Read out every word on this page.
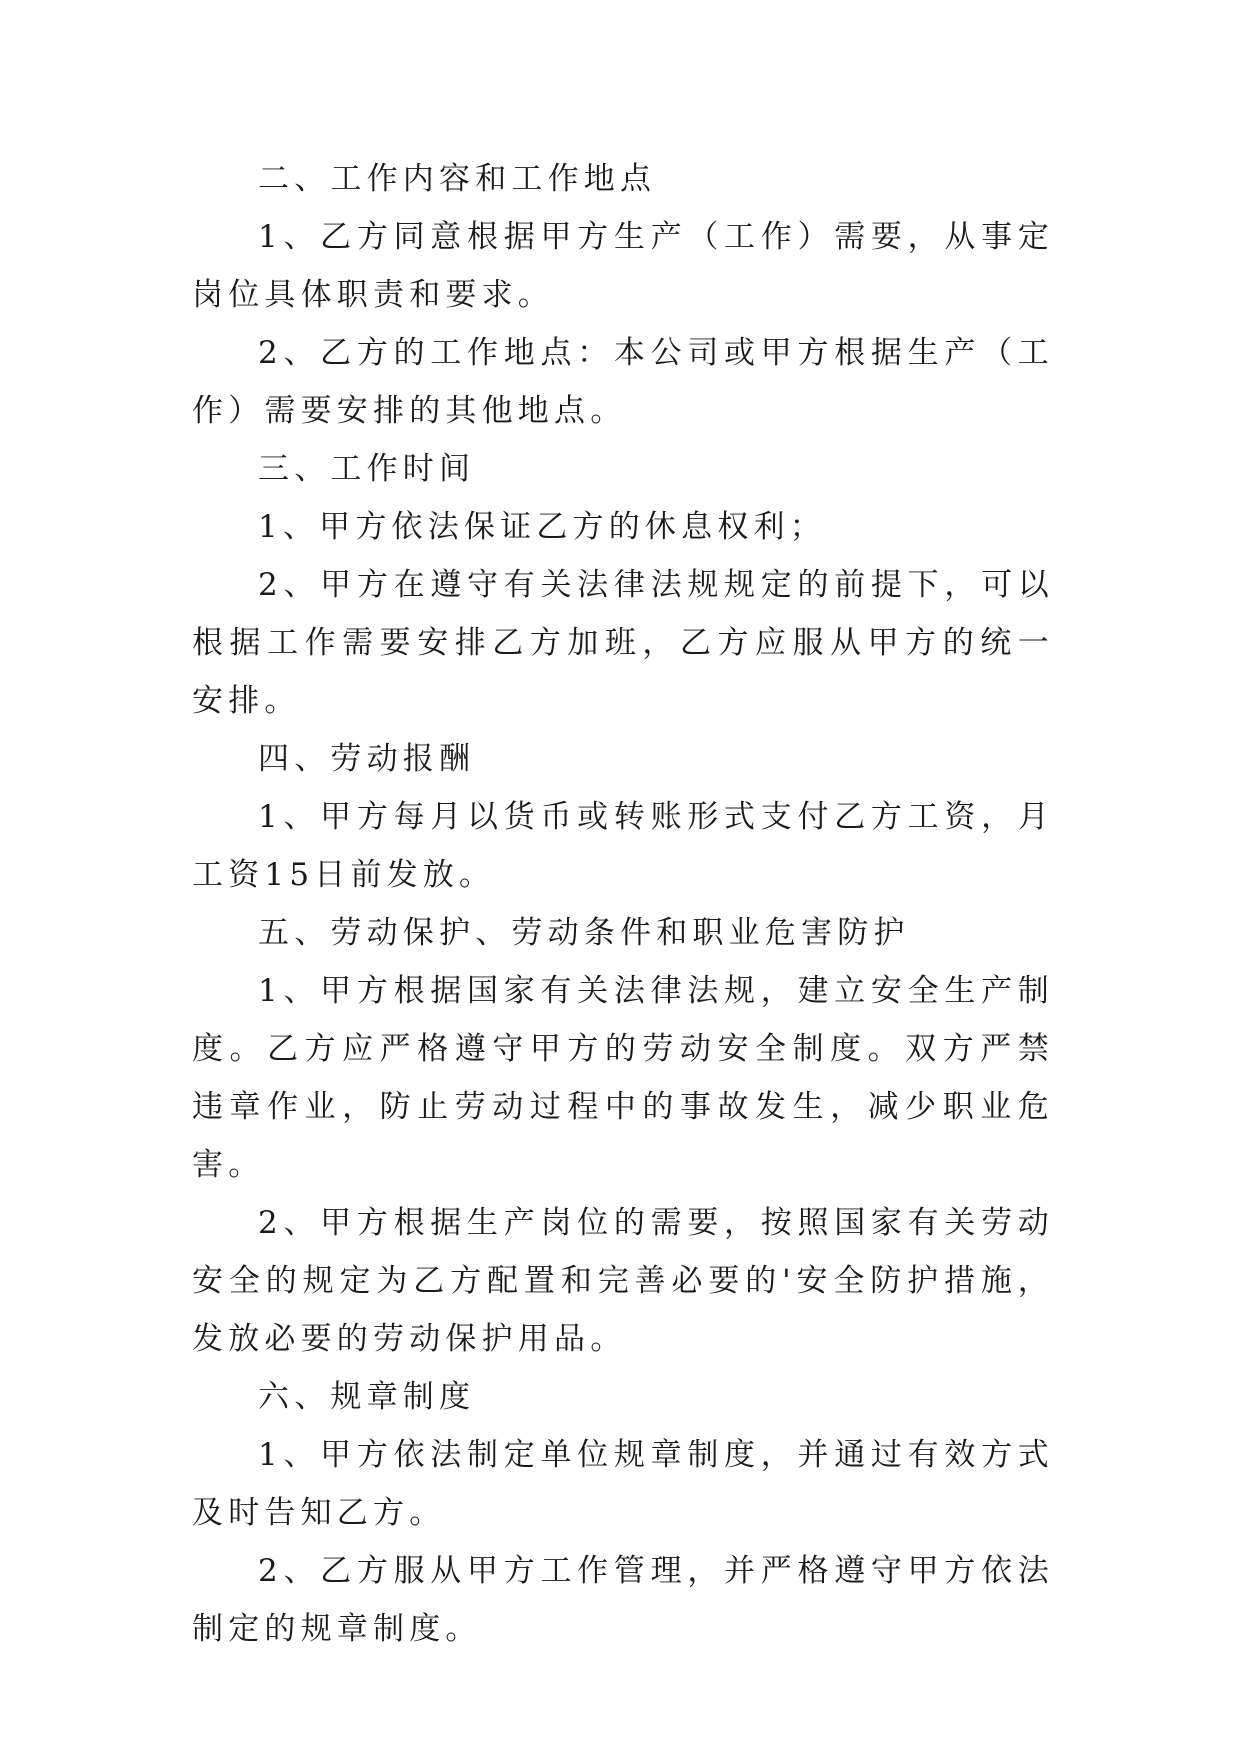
二、工作内容和工作地点

1、乙方同意根据甲方生产（工作）需要，从事定岗位具体职责和要求。

2、乙方的工作地点：本公司或甲方根据生产（工作）需要安排的其他地点。

三、工作时间

1、甲方依法保证乙方的休息权利；

2、甲方在遵守有关法律法规规定的前提下，可以根据工作需要安排乙方加班，乙方应服从甲方的统一安排。

四、劳动报酬

1、甲方每月以货币或转账形式支付乙方工资，月工资15日前发放。

五、劳动保护、劳动条件和职业危害防护

1、甲方根据国家有关法律法规，建立安全生产制度。乙方应严格遵守甲方的劳动安全制度。双方严禁违章作业，防止劳动过程中的事故发生，减少职业危害。

2、甲方根据生产岗位的需要，按照国家有关劳动安全的规定为乙方配置和完善必要的'安全防护措施，发放必要的劳动保护用品。

六、规章制度

1、甲方依法制定单位规章制度，并通过有效方式及时告知乙方。

2、乙方服从甲方工作管理，并严格遵守甲方依法制定的规章制度。
